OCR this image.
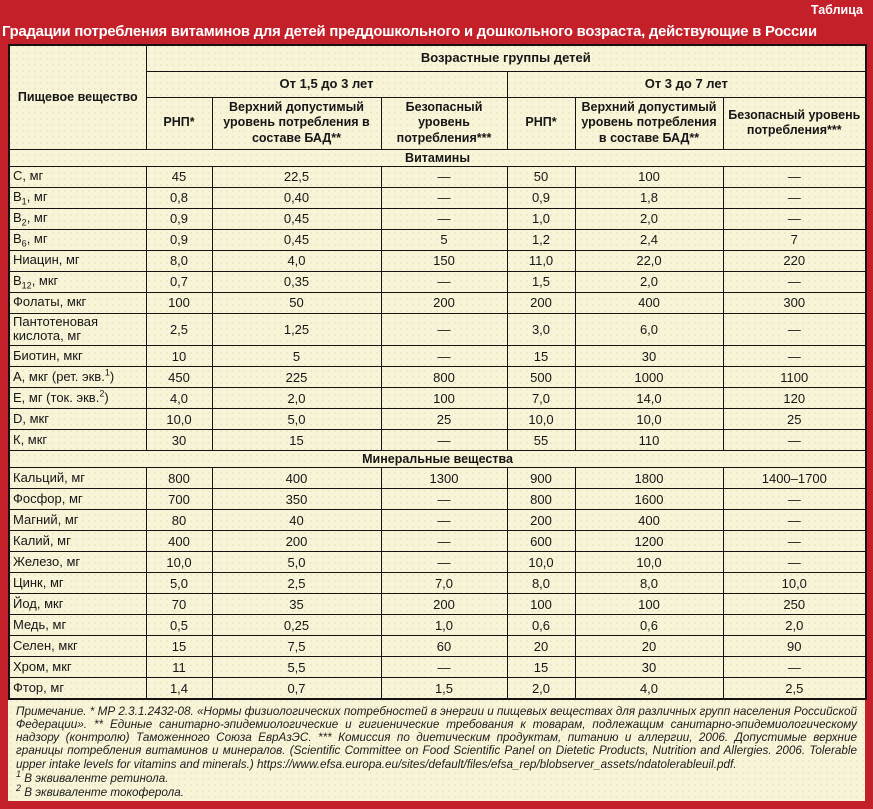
Таблица
Градации потребления витаминов для детей преддошкольного и дошкольного возраста, действующие в России
Пищевое вещество	Возрастные группы детей					
	От 1,5 до 3 лет			От 3 до 7 лет		
	РНП*	Верхний допустимый уровень потребления в составе БАД**	Безопасный уровень потребления***	РНП*	Верхний допустимый уровень потребления в составе БАД**	Безопасный уровень потребления***
Витамины						
С, мг	45	22,5	—	50	100	—
$В_1$, мг	0,8	0,40	—	0,9	1,8	—
$В_2$, мг	0,9	0,45	—	1,0	2,0	—
$В_6$, мг	0,9	0,45	5	1,2	2,4	7
Ниацин, мг	8,0	4,0	150	11,0	22,0	220
$В_{12}$, мкг	0,7	0,35	—	1,5	2,0	—
Фолаты, мкг	100	50	200	200	400	300
Пантотеновая кислота, мг	2,5	1,25	—	3,0	6,0	—
Биотин, мкг	10	5	—	15	30	—
А, мкг (рет. экв.$^1$)	450	225	800	500	1000	1100
Е, мг (ток. экв.$^2$)	4,0	2,0	100	7,0	14,0	120
D, мкг	10,0	5,0	25	10,0	10,0	25
К, мкг	30	15	—	55	110	—
Минеральные вещества						
Кальций, мг	800	400	1300	900	1800	1400–1700
Фосфор, мг	700	350	—	800	1600	—
Магний, мг	80	40	—	200	400	—
Калий, мг	400	200	—	600	1200	—
Железо, мг	10,0	5,0	—	10,0	10,0	—
Цинк, мг	5,0	2,5	7,0	8,0	8,0	10,0
Йод, мкг	70	35	200	100	100	250
Медь, мг	0,5	0,25	1,0	0,6	0,6	2,0
Селен, мкг	15	7,5	60	20	20	90
Хром, мкг	11	5,5	—	15	30	—
Фтор, мг	1,4	0,7	1,5	2,0	4,0	2,5
Примечание. * МР 2.3.1.2432-08. «Нормы физиологических потребностей в энергии и пищевых веществах для различных групп населения Российской Федерации». ** Единые санитарно-эпидемиологические и гигиенические требования к товарам, подлежащим санитарно-эпидемиологическому надзору (контролю) Таможенного Союза ЕврАзЭС. *** Комиссия по диетическим продуктам, питанию и аллергии, 2006. Допустимые верхние границы потребления витаминов и минералов. (Scientific Committee on Food Scientific Panel on Dietetic Products, Nutrition and Allergies. 2006. Tolerable upper intake levels for vitamins and minerals.) https://www.efsa.europa.eu/sites/default/files/efsa_rep/blobserver_assets/ndatolerableuil.pdf.
$^1$ В эквиваленте ретинола.
$^2$ В эквиваленте токоферола.
